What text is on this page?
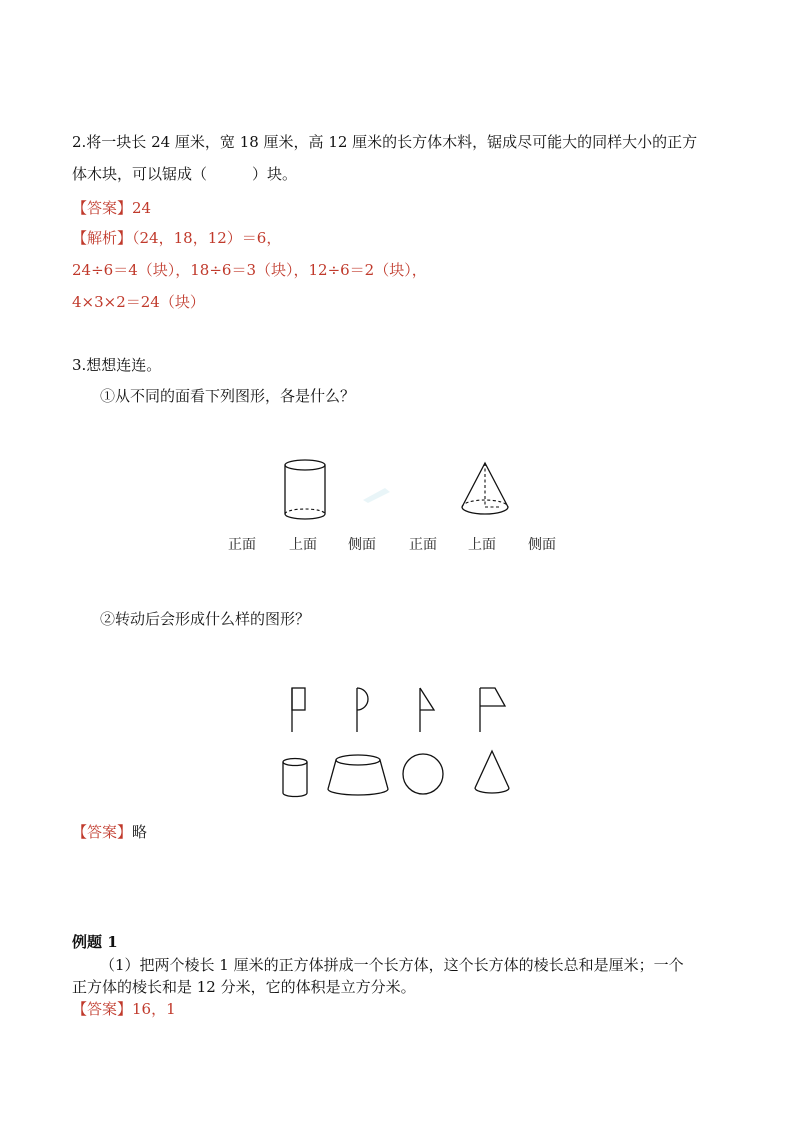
2.将一块长 24 厘米，宽 18 厘米，高 12 厘米的长方体木料，锯成尽可能大的同样大小的正方
体木块，可以锯成（　　　）块。
【答案】24
【解析】（24，18，12）＝6，
24÷6＝4（块），18÷6＝3（块），12÷6＝2（块），
4×3×2＝24（块）
3.想想连连。
①从不同的面看下列图形，各是什么？
正面 上面 侧面 正面 上面 侧面
②转动后会形成什么样的图形？
【答案】略
例题 1
（1）把两个棱长 1 厘米的正方体拼成一个长方体，这个长方体的棱长总和是厘米；一个
正方体的棱长和是 12 分米，它的体积是立方分米。
【答案】16，1
